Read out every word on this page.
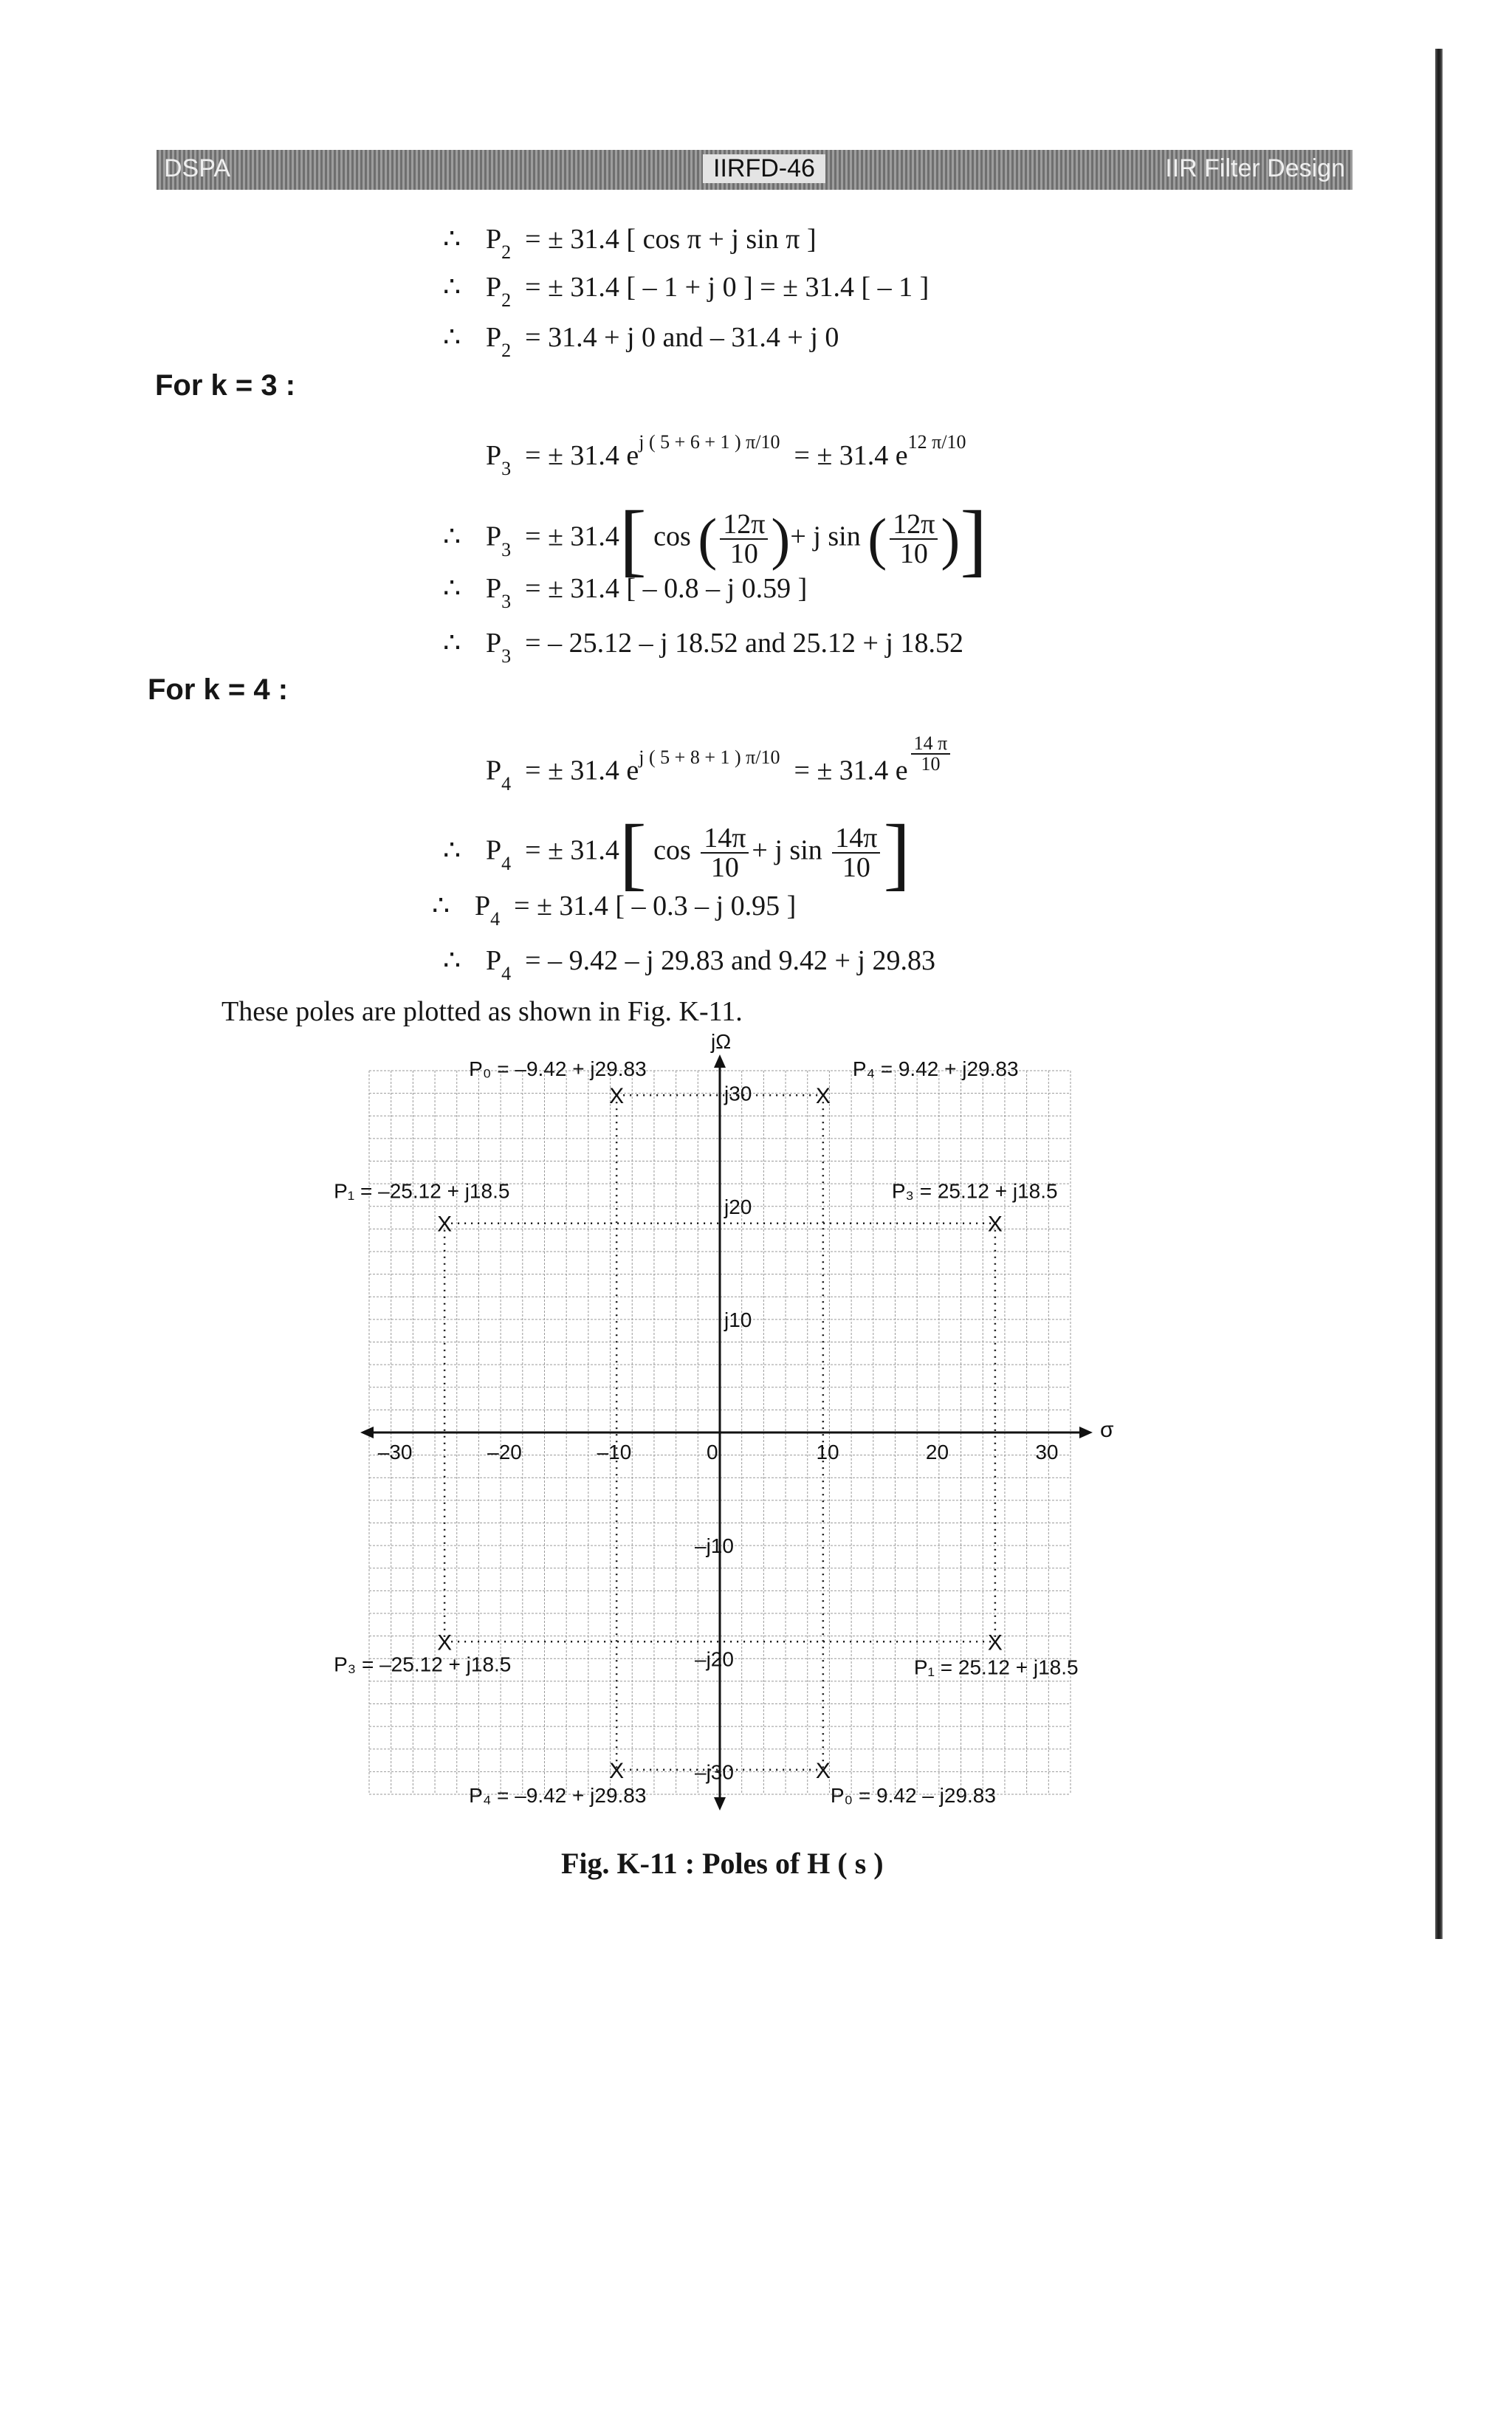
DSPA	IIRFD-46	IIR Filter Design
∴ $P_2$ = ± 31.4 [ cos π + j sin π ]
∴ $P_2$ = ± 31.4 [ – 1 + j 0 ] = ± 31.4 [ – 1 ]
∴ $P_2 = 31.4 + j$ 0 and – 31.4 + j 0
For k = 3 :
$P_3$ = ± 31.4 $e^{j ( 5 + 6 + 1 ) \pi/10}$ = ± 31.4 $e^{12 \pi/10}$
∴ $P_3$ = ± 31.4[ cos ( $\frac{12\pi}{10}$ )+ j sin ( $\frac{12\pi}{10}$ )]
∴ $P_3$ = ± 31.4 [ – 0.8 – j 0.59 ]
∴ $P_3$ = – 25.12 – j 18.52 and 25.12 + j 18.52
For k = 4 :
$P_4$ = ± 31.4 $e^{j ( 5 + 8 + 1 ) \pi/10}$ = ± 31.4 e $\frac{14 \pi}{10}$
∴ $P_4$ = ± 31.4[ $\cos \frac{14\pi}{10} + j$ $\sin \frac{14\pi}{10}$ ]
∴ $P_4$ = ± 31.4 [ – 0.3 – j 0.95 ]
∴ $P_4$ = – 9.42 – j 29.83 and 9.42 + j 29.83
These poles are plotted as shown in Fig. K-11.
σ
jΩ
–30	–20	–10	0	10	20	30
j30
j20
j10
–j10
–j20
–j30
X	X
X	X
X	X
X	X
P₀ = –9.42 + j29.83	P₄ = 9.42 + j29.83
P₁ = –25.12 + j18.5	P₃ = 25.12 + j18.5
P₃ = –25.12 + j18.5	P₁ = 25.12 + j18.5
P₄ = –9.42 + j29.83	P₀ = 9.42 – j29.83
Fig. K-11 : Poles of H ( s )
